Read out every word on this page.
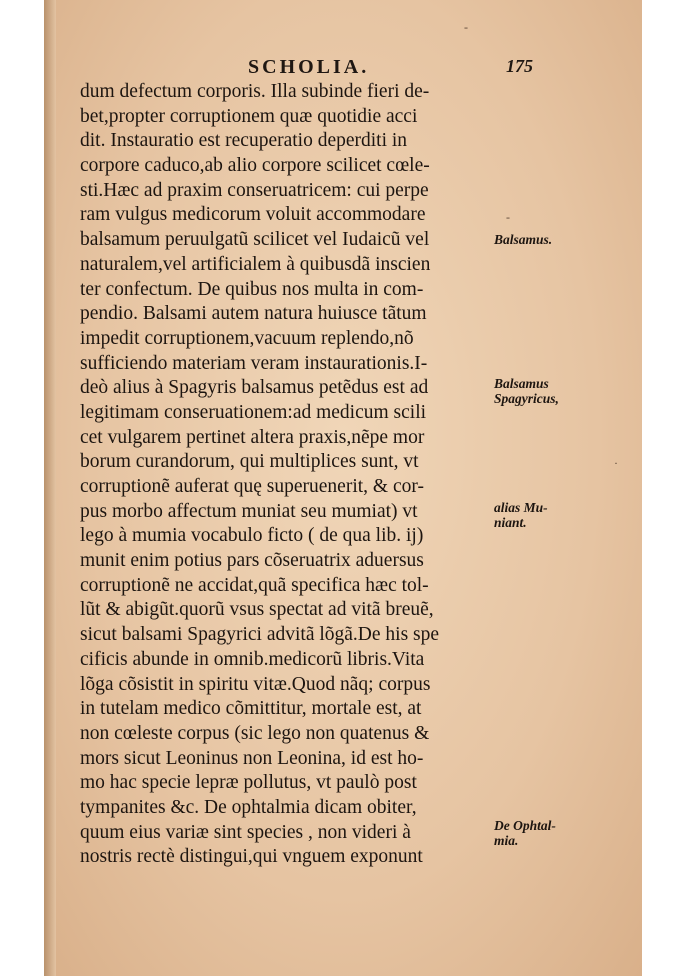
SCHOLIA.	175
dum defectum corporis. Illa subinde fieri de-
bet,propter corruptionem quæ quotidie acci
dit. Instauratio est recuperatio deperditi in
corpore caduco,ab alio corpore scilicet cœle-
sti.Hæc ad praxim conseruatricem: cui perpe
ram vulgus medicorum voluit accommodare
balsamum peruulgatũ scilicet vel Iudaicũ vel
naturalem,vel artificialem à quibusdã inscien
ter confectum. De quibus nos multa in com-
pendio. Balsami autem natura huiusce tãtum
impedit corruptionem,vacuum replendo,nõ
sufficiendo materiam veram instaurationis.I-
deò alius à Spagyris balsamus petẽdus est ad
legitimam conseruationem:ad medicum scili
cet vulgarem pertinet altera praxis,nẽpe mor
borum curandorum, qui multiplices sunt, vt
corruptionẽ auferat quę superuenerit, & cor-
pus morbo affectum muniat seu mumiat) vt
lego à mumia vocabulo ficto ( de qua lib. ij)
munit enim potius pars cõseruatrix aduersus
corruptionẽ ne accidat,quã specifica hæc tol-
lũt & abigũt.quorũ vsus spectat ad vitã breuẽ,
sicut balsami Spagyrici advitã lõgã.De his spe
cificis abunde in omnib.medicorũ libris.Vita
lõga cõsistit in spiritu vitæ.Quod nãq; corpus
in tutelam medico cõmittitur, mortale est, at
non cœleste corpus (sic lego non quatenus &
mors sicut Leoninus non Leonina, id est ho-
mo hac specie lepræ pollutus, vt paulò post
tympanites &c. De ophtalmia dicam obiter,
quum eius variæ sint species , non videri à
nostris rectè distingui,qui vnguem exponunt
Balsamus.
Balsamus
Spagyricus,
alias Mu-
niant.
De Ophtal-
mia.
-
-
·
